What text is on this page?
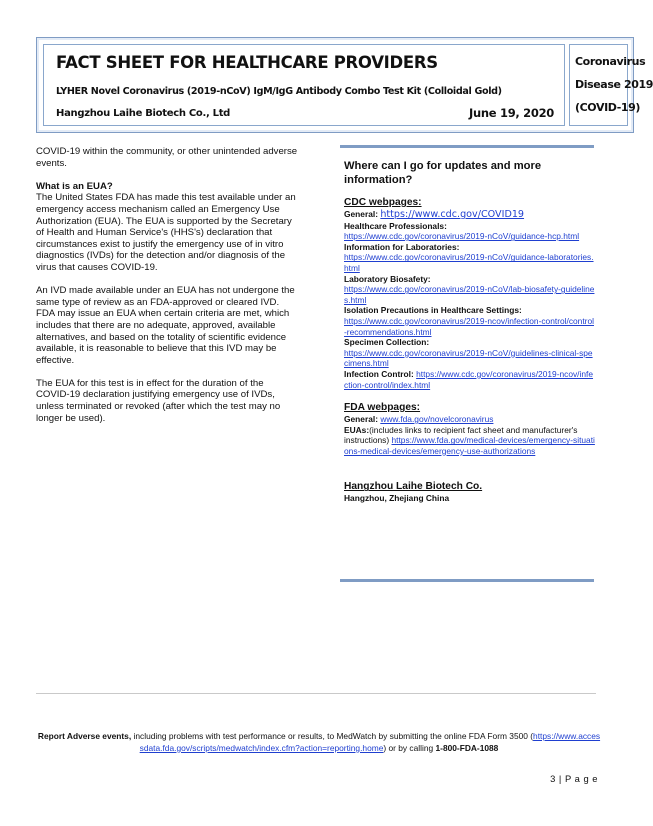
FACT SHEET FOR HEALTHCARE PROVIDERS
LYHER Novel Coronavirus (2019-nCoV) IgM/IgG Antibody Combo Test Kit (Colloidal Gold)
Hangzhou Laihe Biotech Co., Ltd	June 19, 2020
Coronavirus
Disease 2019
(COVID-19)

COVID-19 within the community, or other unintended adverse events.

What is an EUA?

The United States FDA has made this test available under an emergency access mechanism called an Emergency Use Authorization (EUA). The EUA is supported by the Secretary of Health and Human Service's (HHS's) declaration that circumstances exist to justify the emergency use of in vitro diagnostics (IVDs) for the detection and/or diagnosis of the virus that causes COVID-19.

An IVD made available under an EUA has not undergone the same type of review as an FDA-approved or cleared IVD. FDA may issue an EUA when certain criteria are met, which includes that there are no adequate, approved, available alternatives, and based on the totality of scientific evidence available, it is reasonable to believe that this IVD may be effective.

The EUA for this test is in effect for the duration of the COVID-19 declaration justifying emergency use of IVDs, unless terminated or revoked (after which the test may no longer be used).

Where can I go for updates and more information?

CDC webpages:

General: https://www.cdc.gov/COVID19

Healthcare Professionals:

https://www.cdc.gov/coronavirus/2019-nCoV/guidance-hcp.html

Information for Laboratories:

https://www.cdc.gov/coronavirus/2019-nCoV/guidance-laboratories.html

Laboratory Biosafety:

https://www.cdc.gov/coronavirus/2019-nCoV/lab-biosafety-guidelines.html

Isolation Precautions in Healthcare Settings:

https://www.cdc.gov/coronavirus/2019-ncov/infection-control/control-recommendations.html

Specimen Collection:

https://www.cdc.gov/coronavirus/2019-nCoV/guidelines-clinical-specimens.html

Infection Control: https://www.cdc.gov/coronavirus/2019-ncov/infection-control/index.html

FDA webpages:

General: www.fda.gov/novelcoronavirus

EUAs:(includes links to recipient fact sheet and manufacturer's instructions) https://www.fda.gov/medical-devices/emergency-situations-medical-devices/emergency-use-authorizations

Hangzhou Laihe Biotech Co.

Hangzhou, Zhejiang China

Report Adverse events, including problems with test performance or results, to MedWatch by submitting the online FDA Form 3500 (https://www.accessdata.fda.gov/scripts/medwatch/index.cfm?action=reporting.home) or by calling 1-800-FDA-1088
3 | P a g e
